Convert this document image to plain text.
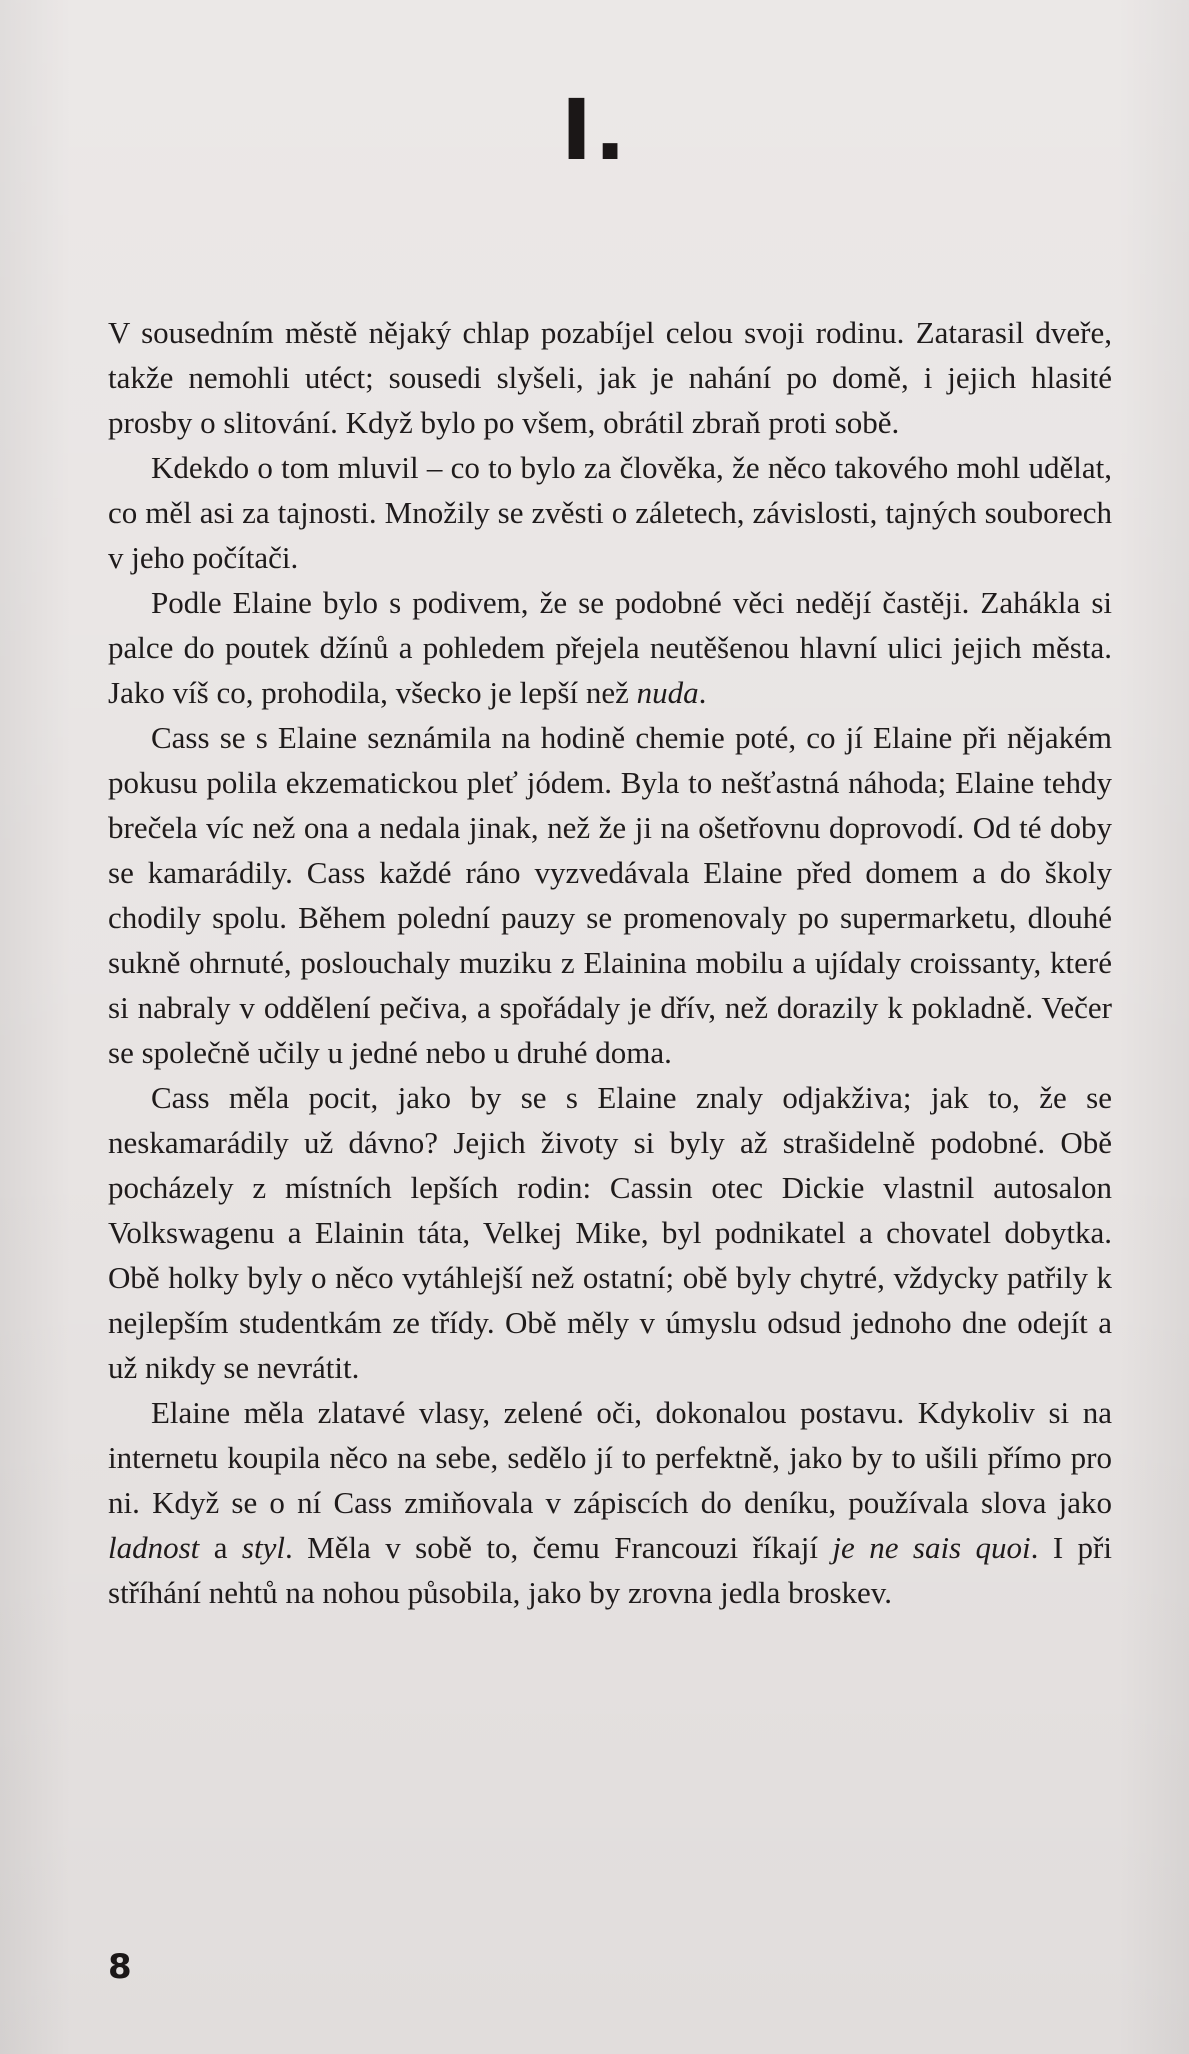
I.

V sousedním městě nějaký chlap pozabíjel celou svoji rodinu. Zatarasil dveře, takže nemohli utéct; sousedi slyšeli, jak je nahání po domě, i jejich hlasité prosby o slitování. Když bylo po všem, obrátil zbraň proti sobě.

Kdekdo o tom mluvil – co to bylo za člověka, že něco takového mohl udělat, co měl asi za tajnosti. Množily se zvěsti o záletech, závislosti, tajných souborech v jeho počítači.

Podle Elaine bylo s podivem, že se podobné věci nedějí častěji. Zahákla si palce do poutek džínů a pohledem přejela neutěšenou hlavní ulici jejich města. Jako víš co, prohodila, všecko je lepší než nuda.

Cass se s Elaine seznámila na hodině chemie poté, co jí Elaine při nějakém pokusu polila ekzematickou pleť jódem. Byla to nešťastná náhoda; Elaine tehdy brečela víc než ona a nedala jinak, než že ji na ošetřovnu doprovodí. Od té doby se kamarádily. Cass každé ráno vyzvedávala Elaine před domem a do školy chodily spolu. Během polední pauzy se promenovaly po supermarketu, dlouhé sukně ohrnuté, poslouchaly muziku z Elainina mobilu a ujídaly croissanty, které si nabraly v oddělení pečiva, a spořádaly je dřív, než dorazily k pokladně. Večer se společně učily u jedné nebo u druhé doma.

Cass měla pocit, jako by se s Elaine znaly odjakživa; jak to, že se neskamarádily už dávno? Jejich životy si byly až strašidelně podobné. Obě pocházely z místních lepších rodin: Cassin otec Dickie vlastnil autosalon Volkswagenu a Elainin táta, Velkej Mike, byl podnikatel a chovatel dobytka. Obě holky byly o něco vytáhlejší než ostatní; obě byly chytré, vždycky patřily k nejlepším studentkám ze třídy. Obě měly v úmyslu odsud jednoho dne odejít a už nikdy se nevrátit.

Elaine měla zlatavé vlasy, zelené oči, dokonalou postavu. Kdykoliv si na internetu koupila něco na sebe, sedělo jí to perfektně, jako by to ušili přímo pro ni. Když se o ní Cass zmiňovala v zápiscích do deníku, používala slova jako ladnost a styl. Měla v sobě to, čemu Francouzi říkají je ne sais quoi. I při stříhání nehtů na nohou působila, jako by zrovna jedla broskev.

8
